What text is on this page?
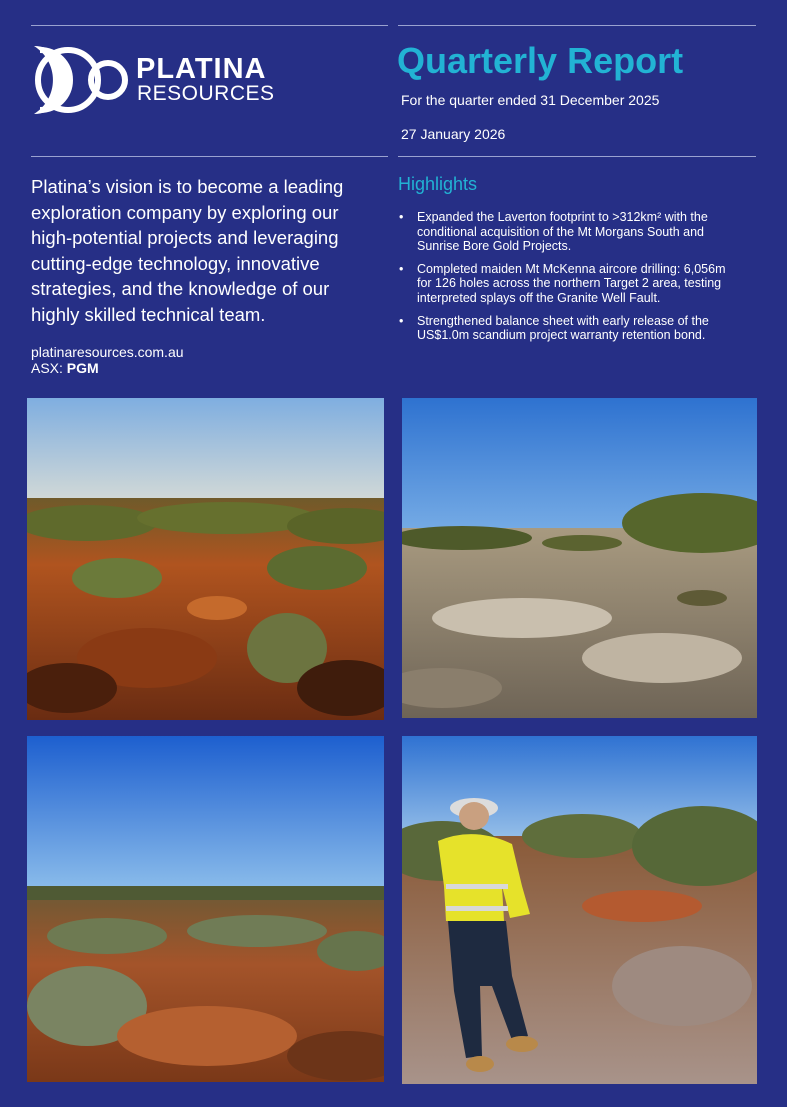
PLATINA
RESOURCES
Quarterly Report
For the quarter ended 31 December 2025
27 January 2026
Platina’s vision is to become a leading exploration company by exploring our high-potential projects and leveraging cutting-edge technology, innovative strategies, and the knowledge of our highly skilled technical team.
platinaresources.com.au
ASX: PGM
Highlights
• Expanded the Laverton footprint to >312km² with the conditional acquisition of the Mt Morgans South and Sunrise Bore Gold Projects.
• Completed maiden Mt McKenna aircore drilling: 6,056m for 126 holes across the northern Target 2 area, testing interpreted splays off the Granite Well Fault.
• Strengthened balance sheet with early release of the US$1.0m scandium project warranty retention bond.
